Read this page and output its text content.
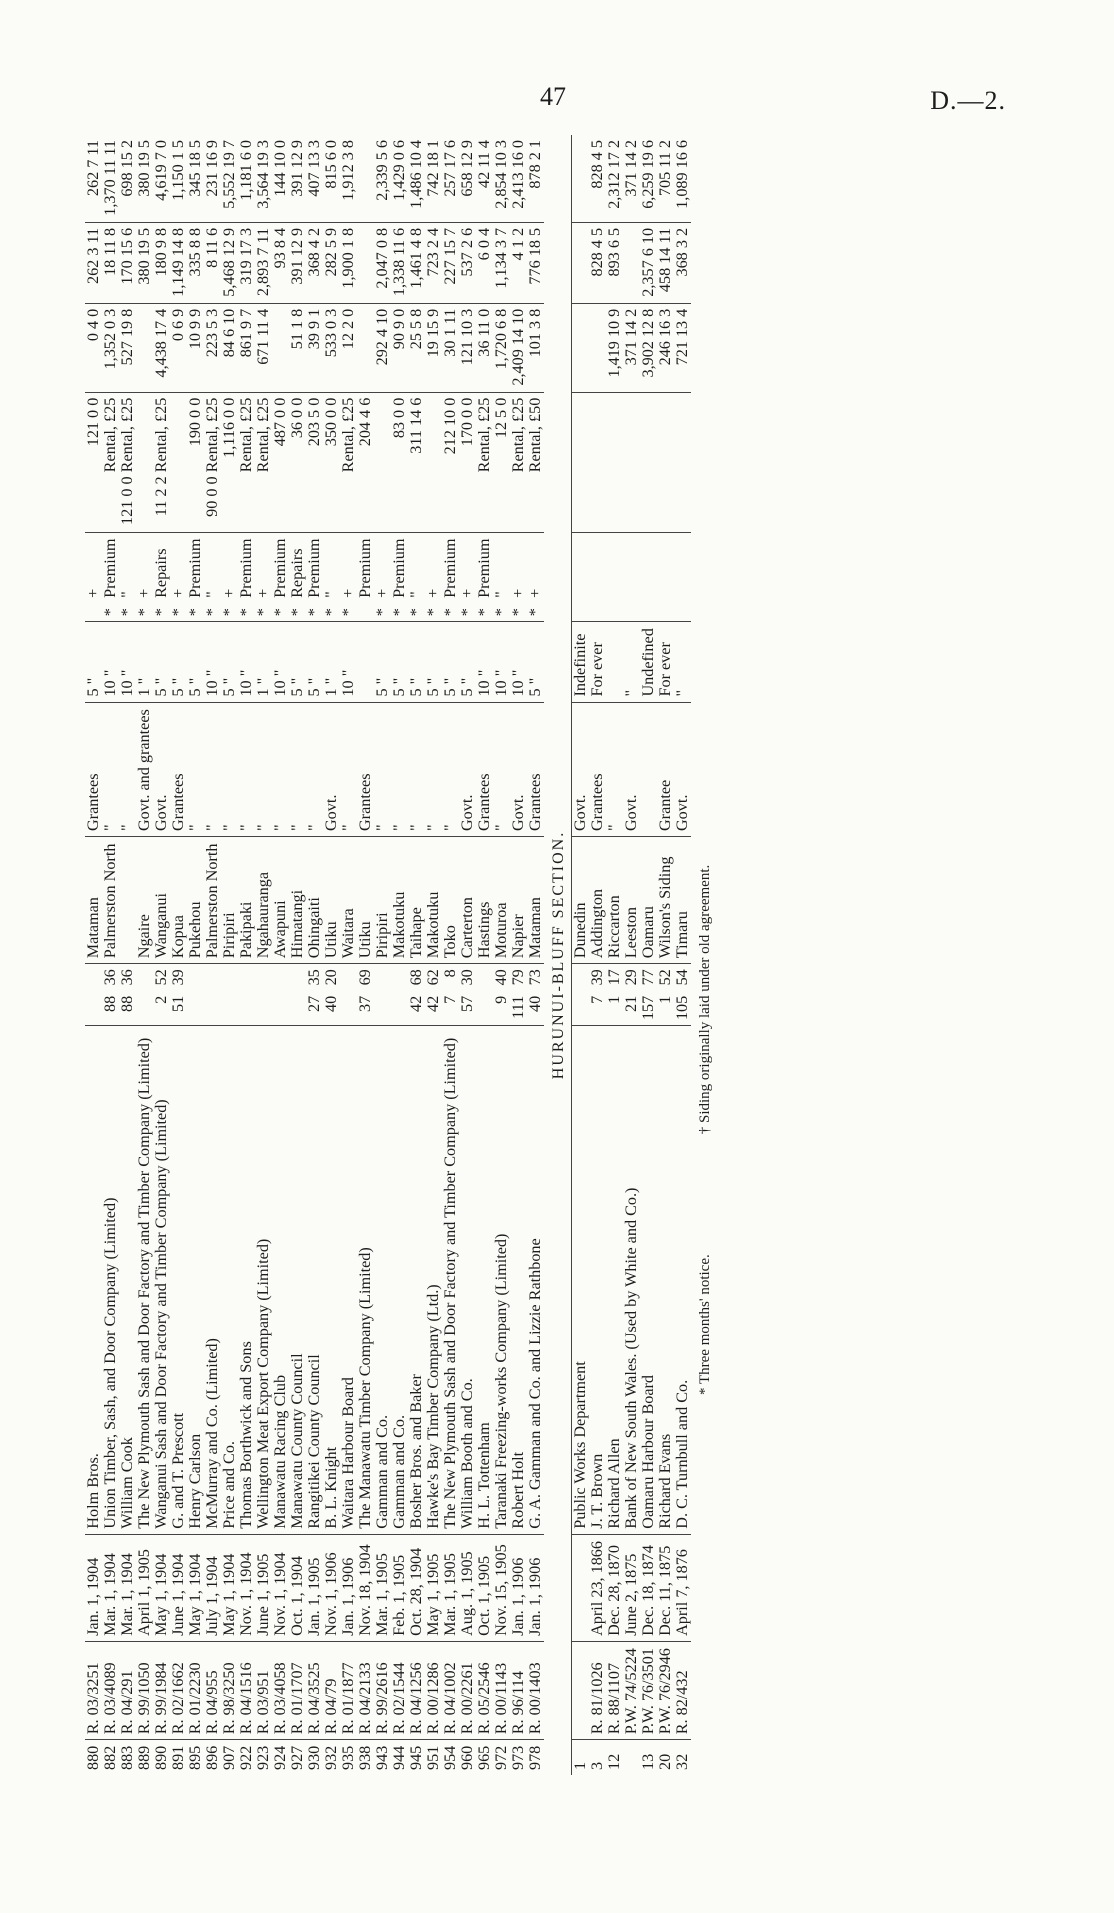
47	D.—2.
880	R. 03/3251	Jan. 1, 1904	Holm Bros.			Mataman	Grantees	5 "		+	121 0 0	0 4 0	262 3 11	262 7 11
882	R. 03/4089	Mar. 1, 1904	Union Timber, Sash, and Door Company (Limited)	88	36	Palmerston North	"	10 "	*	Premium	Rental, £25	1,352 0 3	18 11 8	1,370 11 11
883	R. 04/291	Mar. 1, 1904	William Cook	88	36		"	10 "	*	"	121 0 0 Rental, £25	527 19 8	170 15 6	698 15 2
889	R. 99/1050	April 1, 1905	The New Plymouth Sash and Door Factory and Timber Company (Limited)			Ngaire	Govt. and grantees	1 "	*	+			380 19 5	380 19 5
890	R. 99/1984	May 1, 1904	Wanganui Sash and Door Factory and Timber Company (Limited)	2	52	Wanganui	Govt.	5 "	*	Repairs	11 2 2 Rental, £25	4,438 17 4	180 9 8	4,619 7 0
891	R. 02/1662	June 1, 1904	G. and T. Prescott	51	39	Kopua	Grantees	5 "	*	+		0 6 9	1,149 14 8	1,150 1 5
895	R. 01/2230	May 1, 1904	Henry Carlson			Pukehou	"	5 "	*	Premium	190 0 0	10 9 9	335 8 8	345 18 5
896	R. 04/955	July 1, 1904	McMurray and Co. (Limited)			Palmerston North	"	10 "	*	"	90 0 0 Rental, £25	223 5 3	8 11 6	231 16 9
907	R. 98/3250	May 1, 1904	Price and Co.			Piripiri	"	5 "	*	+	1,116 0 0	84 6 10	5,468 12 9	5,552 19 7
922	R. 04/1516	Nov. 1, 1904	Thomas Borthwick and Sons			Pakipaki	"	10 "	*	Premium	Rental, £25	861 9 7	319 17 3	1,181 6 0
923	R. 03/951	June 1, 1905	Wellington Meat Export Company (Limited)			Ngahauranga	"	1 "	*	+	Rental, £25	671 11 4	2,893 7 11	3,564 19 3
924	R. 03/4058	Nov. 1, 1904	Manawatu Racing Club			Awapuni	"	10 "	*	Premium	487 0 0		93 8 4	144 10 0
927	R. 01/1707	Oct. 1, 1904	Manawatu County Council			Himatangi	"	5 "	*	Repairs	36 0 0	51 1 8	391 12 9	391 12 9
930	R. 04/3525	Jan. 1, 1905	Rangitikei County Council	27	35	Ohingaiti	"	5 "	*	Premium	203 5 0	39 9 1	368 4 2	407 13 3
932	R. 04/79	Nov. 1, 1906	B. L. Knight	40	20	Utiku	Govt.	1 "	*	"	350 0 0	533 0 3	282 5 9	815 6 0
935	R. 01/1877	Jan. 1, 1906	Waitara Harbour Board			Waitara	"	10 "	*	+	Rental, £25	12 2 0	1,900 1 8	1,912 3 8
938	R. 04/2133	Nov. 18, 1904	The Manawatu Timber Company (Limited)	37	69	Utiku	Grantees			Premium	204 4 6			
943	R. 99/2616	Mar. 1, 1905	Gamman and Co.			Piripiri	"	5 "	*	+		292 4 10	2,047 0 8	2,339 5 6
944	R. 02/1544	Feb. 1, 1905	Gamman and Co.			Makotuku	"	5 "	*	Premium	83 0 0	90 9 0	1,338 11 6	1,429 0 6
945	R. 04/1256	Oct. 28, 1904	Bosher Bros. and Baker	42	68	Taihape	"	5 "	*	"	311 14 6	25 5 8	1,461 4 8	1,486 10 4
951	R. 00/1286	May 1, 1905	Hawke's Bay Timber Company (Ltd.)	42	62	Makotuku	"	5 "	*	+		19 15 9	723 2 4	742 18 1
954	R. 04/1002	Mar. 1, 1905	The New Plymouth Sash and Door Factory and Timber Company (Limited)	7	8	Toko	"	5 "	*	Premium	212 10 0	30 1 11	227 15 7	257 17 6
960	R. 00/2261	Aug. 1, 1905	William Booth and Co.	57	30	Carterton	Govt.	5 "	*	+	170 0 0	121 10 3	537 2 6	658 12 9
965	R. 05/2546	Oct. 1, 1905	H. L. Tottenham			Hastings	Grantees	10 "	*	Premium	Rental, £25	36 11 0	6 0 4	42 11 4
972	R. 00/1143	Nov. 15, 1905	Taranaki Freezing-works Company (Limited)	9	40	Moturoa	"	10 "	*	"	12 5 0	1,720 6 8	1,134 3 7	2,854 10 3
973	R. 96/114	Jan. 1, 1906	Robert Holt	111	79	Napier	Govt.	10 "	*	+	Rental, £25	2,409 14 10	4 1 2	2,413 16 0
978	R. 00/1403	Jan. 1, 1906	G. A. Gamman and Co. and Lizzie Rathbone	40	73	Mataman	Grantees	5 "	*	+	Rental, £50	101 3 8	776 18 5	878 2 1
HURUNUI-BLUFF SECTION.														
1			Public Works Department			Dunedin	Govt.	Indefinite						
3	R. 81/1026	April 23, 1866	J. T. Brown	7	39	Addington	Grantees	For ever					828 4 5	828 4 5
12	R. 88/1107	Dec. 28, 1870	Richard Allen	1	17	Riccarton	"					1,419 10 9	893 6 5	2,312 17 2
	P.W. 74/5224	June 2, 1875	Bank of New South Wales. (Used by White and Co.)	21	29	Leeston	Govt.	"				371 14 2		371 14 2
13	P.W. 76/3501	Dec. 18, 1874	Oamaru Harbour Board	157	77	Oamaru		Undefined				3,902 12 8	2,357 6 10	6,259 19 6
20	P.W. 76/2946	Dec. 11, 1875	Richard Evans	1	52	Wilson's Siding	Grantee	For ever				246 16 3	458 14 11	705 11 2
32	R. 82/432	April 7, 1876	D. C. Turnbull and Co.	105	54	Timaru	Govt.	"				721 13 4	368 3 2	1,089 16 6
* Three months' notice.
† Siding originally laid under old agreement.
